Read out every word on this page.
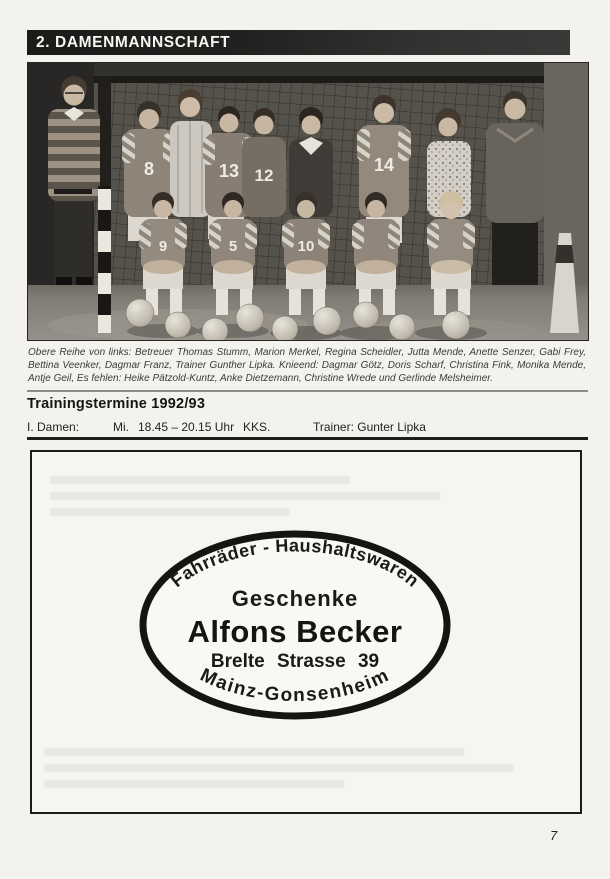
2. DAMENMANNSCHAFT
8	13 12
14
9	5	10
Obere Reihe von links: Betreuer Thomas Stumm, Marion Merkel, Regina Scheidler, Jutta Mende, Anette Senzer, Gabi Frey, Bettina Veenker, Dagmar Franz, Trainer Gunther Lipka. Knieend: Dagmar Götz, Doris Scharf, Christina Fink, Monika Mende, Antje Geil, Es fehlen: Heike Pätzold-Kuntz, Anke Dietzemann, Christine Wrede und Gerlinde Melsheimer.
Trainingstermine 1992/93
I. Damen:	Mi. 18.45 – 20.15 Uhr KKS.	Trainer: Gunter Lipka
Fahrräder - Haushaltswaren
Geschenke
Alfons Becker
Brelte Strasse 39
Mainz-Gonsenheim
7
